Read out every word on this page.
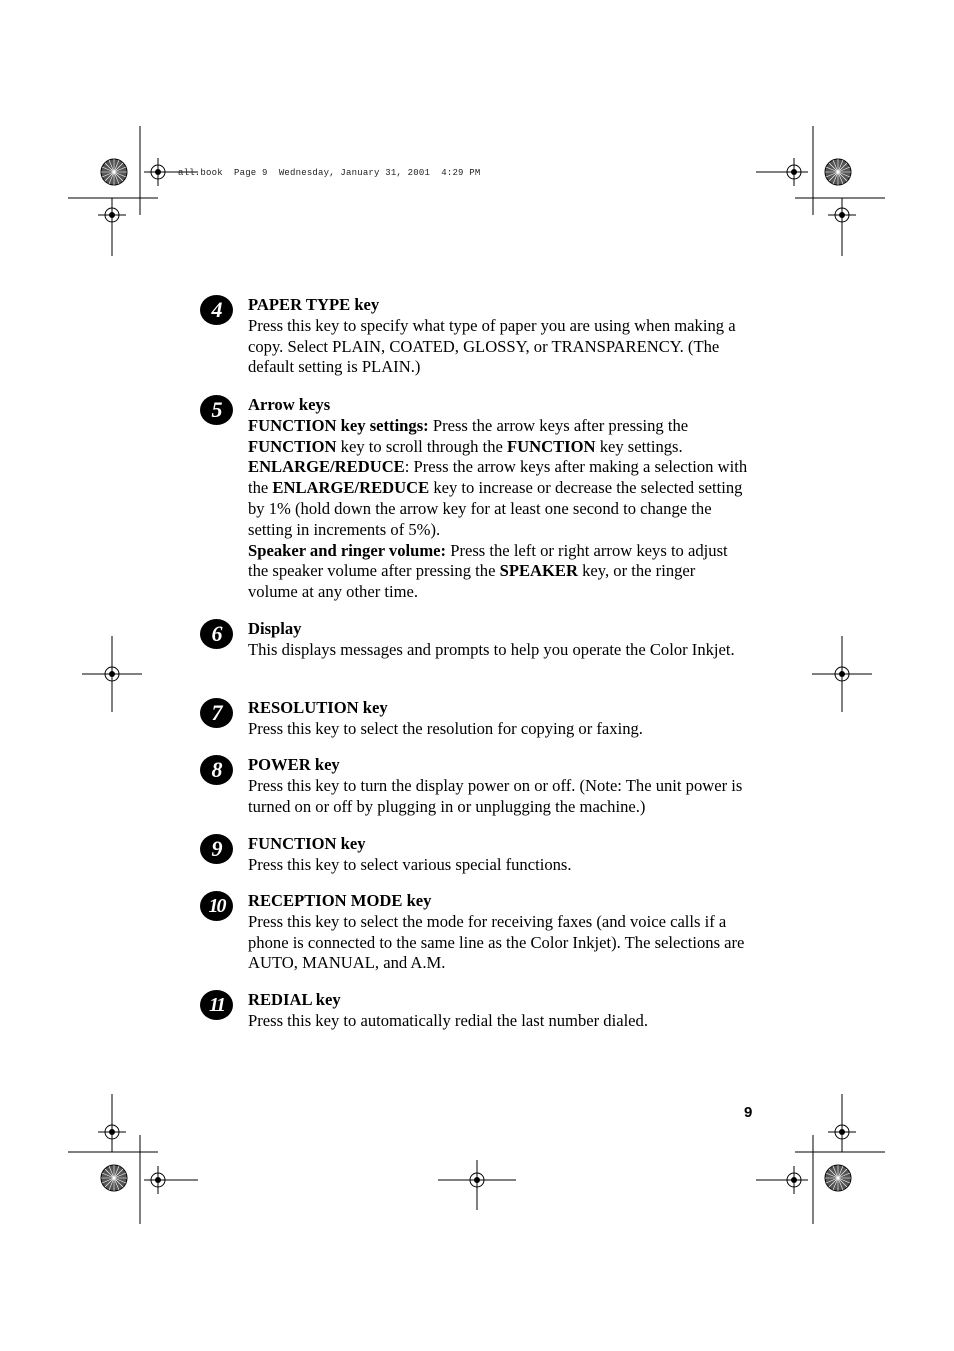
all.book  Page 9  Wednesday, January 31, 2001  4:29 PM
4	PAPER TYPE key
Press this key to specify what type of paper you are using when making a copy. Select PLAIN, COATED, GLOSSY, or TRANSPARENCY. (The default setting is PLAIN.)
5	Arrow keys
FUNCTION key settings: Press the arrow keys after pressing the FUNCTION key to scroll through the FUNCTION key settings.
ENLARGE/REDUCE: Press the arrow keys after making a selection with the ENLARGE/REDUCE key to increase or decrease the selected setting by 1% (hold down the arrow key for at least one second to change the setting in increments of 5%).
Speaker and ringer volume: Press the left or right arrow keys to adjust the speaker volume after pressing the SPEAKER key, or the ringer volume at any other time.
6	Display
This displays messages and prompts to help you operate the Color Inkjet.
7	RESOLUTION key
Press this key to select the resolution for copying or faxing.
8	POWER key
Press this key to turn the display power on or off. (Note: The unit power is turned on or off by plugging in or unplugging the machine.)
9	FUNCTION key
Press this key to select various special functions.
10	RECEPTION MODE key
Press this key to select the mode for receiving faxes (and voice calls if a phone is connected to the same line as the Color Inkjet). The selections are AUTO, MANUAL, and A.M.
11	REDIAL key
Press this key to automatically redial the last number dialed.
9
